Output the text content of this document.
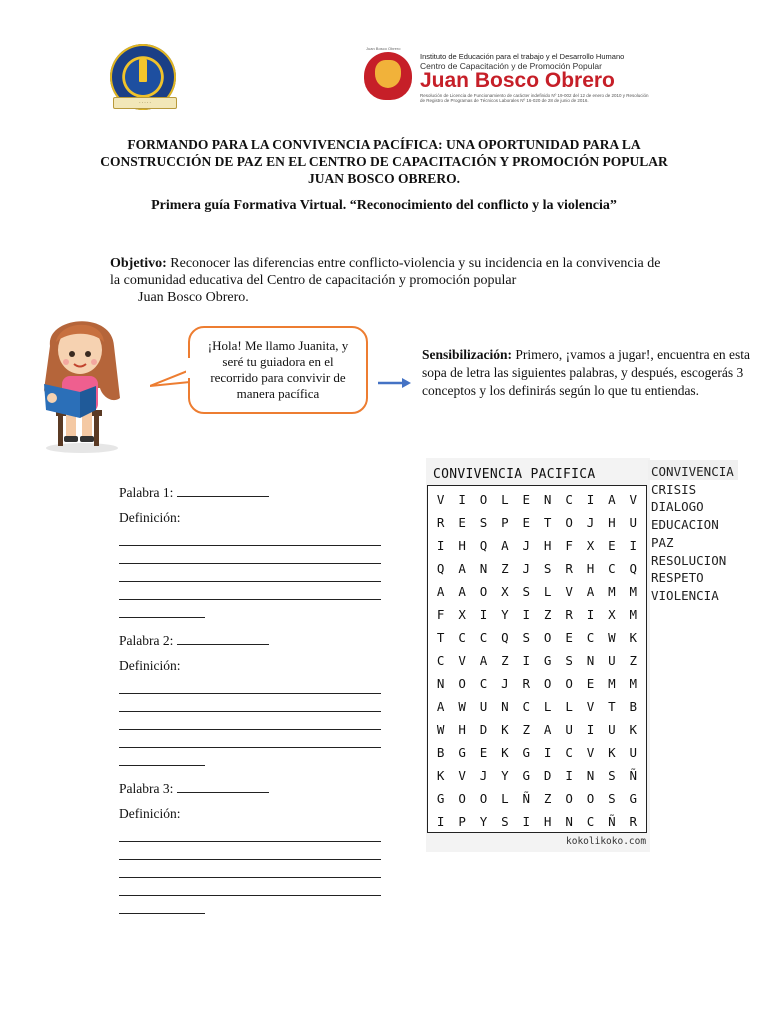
· · · · ·
Juan Bosco Obrero
Instituto de Educación para el trabajo y el Desarrollo Humano
Centro de Capacitación y de Promoción Popular
Juan Bosco Obrero
Resolución de Licencia de Funcionamiento de carácter indefinido Nº 19-002 del 12 de enero de 2010 y Resolución de Registro de Programas de Técnicos Laborales Nº 16-020 de 28 de junio de 2016.
FORMANDO PARA LA CONVIVENCIA PACÍFICA: UNA OPORTUNIDAD PARA LA CONSTRUCCIÓN DE PAZ EN EL CENTRO DE CAPACITACIÓN Y PROMOCIÓN POPULAR JUAN BOSCO OBRERO.
Primera guía Formativa Virtual. “Reconocimiento del conflicto y la violencia”
Objetivo: Reconocer las diferencias entre conflicto-violencia y su incidencia en la convivencia de la comunidad educativa del Centro de capacitación y promoción popular
Juan Bosco Obrero.
¡Hola! Me llamo Juanita, y seré tu guiadora en el recorrido para convivir de manera pacífica
Sensibilización: Primero, ¡vamos a jugar!, encuentra en esta sopa de letra las siguientes palabras, y después, escogerás 3 conceptos y los definirás según lo que tu entiendas.
Palabra 1:
Definición:
Palabra 2:
Definición:
Palabra 3:
Definición:
CONVIVENCIA PACIFICA
V	I	O	L	E	N	C	I	A	V
R	E	S	P	E	T	O	J	H	U
I	H	Q	A	J	H	F	X	E	I
Q	A	N	Z	J	S	R	H	C	Q
A	A	O	X	S	L	V	A	M	M
F	X	I	Y	I	Z	R	I	X	M
T	C	C	Q	S	O	E	C	W	K
C	V	A	Z	I	G	S	N	U	Z
N	O	C	J	R	O	O	E	M	M
A	W	U	N	C	L	L	V	T	B
W	H	D	K	Z	A	U	I	U	K
B	G	E	K	G	I	C	V	K	U
K	V	J	Y	G	D	I	N	S	Ñ
G	O	O	L	Ñ	Z	O	O	S	G
I	P	Y	S	I	H	N	C	Ñ	R
kokolikoko.com
CONVIVENCIA
CRISIS
DIALOGO
EDUCACION
PAZ
RESOLUCION
RESPETO
VIOLENCIA
